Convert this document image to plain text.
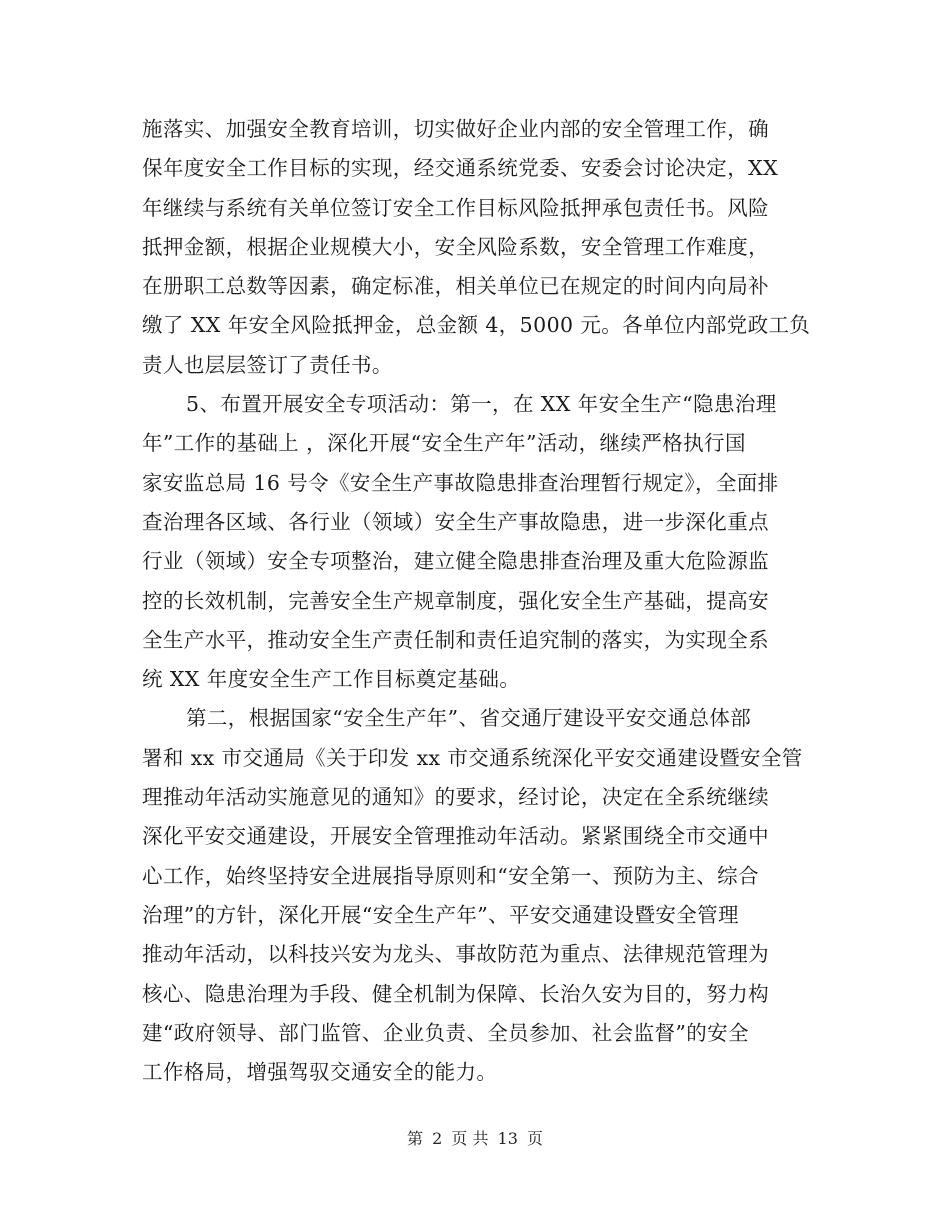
施落实、加强安全教育培训，切实做好企业内部的安全管理工作，确
保年度安全工作目标的实现，经交通系统党委、安委会讨论决定，XX
年继续与系统有关单位签订安全工作目标风险抵押承包责任书。风险
抵押金额，根据企业规模大小，安全风险系数，安全管理工作难度，
在册职工总数等因素，确定标准，相关单位已在规定的时间内向局补
缴了 XX 年安全风险抵押金，总金额 4，5000 元。各单位内部党政工负
责人也层层签订了责任书。
5、布置开展安全专项活动：第一，在 XX 年安全生产“隐患治理
年”工作的基础上 ，深化开展“安全生产年”活动，继续严格执行国
家安监总局 16 号令《安全生产事故隐患排查治理暂行规定》，全面排
查治理各区域、各行业（领域）安全生产事故隐患，进一步深化重点
行业（领域）安全专项整治，建立健全隐患排查治理及重大危险源监
控的长效机制，完善安全生产规章制度，强化安全生产基础，提高安
全生产水平，推动安全生产责任制和责任追究制的落实，为实现全系
统 XX 年度安全生产工作目标奠定基础。
第二，根据国家“安全生产年”、省交通厅建设平安交通总体部
署和 xx 市交通局《关于印发 xx 市交通系统深化平安交通建设暨安全管
理推动年活动实施意见的通知》的要求，经讨论，决定在全系统继续
深化平安交通建设，开展安全管理推动年活动。紧紧围绕全市交通中
心工作，始终坚持安全进展指导原则和“安全第一、预防为主、综合
治理”的方针，深化开展“安全生产年”、平安交通建设暨安全管理
推动年活动，以科技兴安为龙头、事故防范为重点、法律规范管理为
核心、隐患治理为手段、健全机制为保障、长治久安为目的，努力构
建“政府领导、部门监管、企业负责、全员参加、社会监督”的安全
工作格局，增强驾驭交通安全的能力。
第 2 页 共 13 页
